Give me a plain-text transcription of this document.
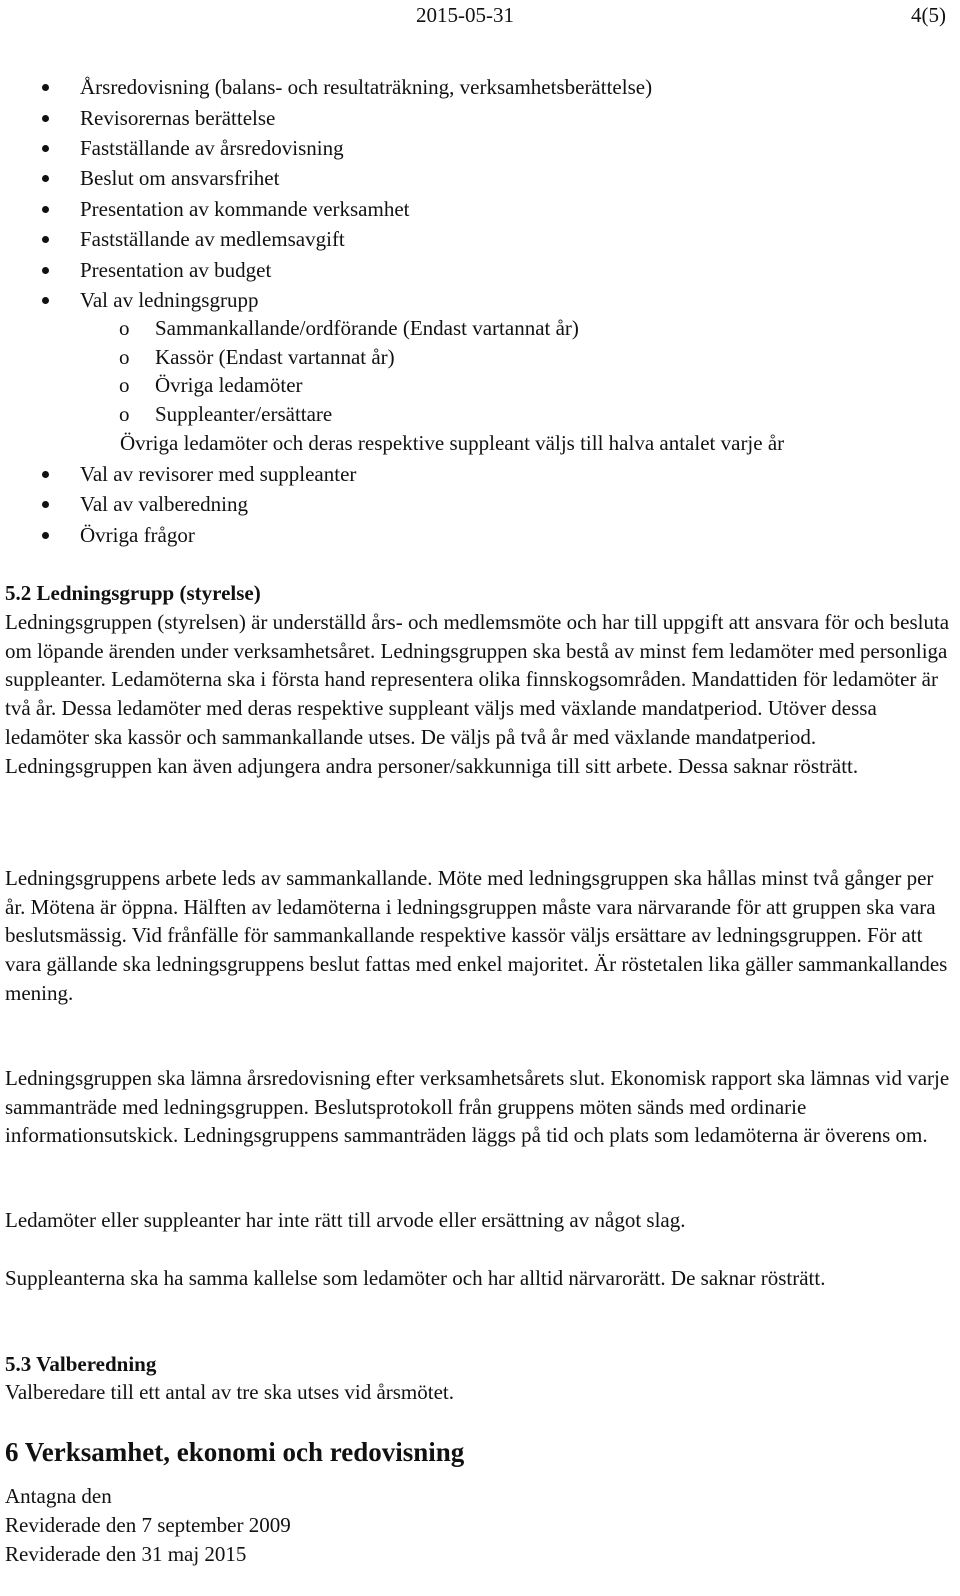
2015-05-31	4(5)
Årsredovisning (balans- och resultaträkning, verksamhetsberättelse)
Revisorernas berättelse
Fastställande av årsredovisning
Beslut om ansvarsfrihet
Presentation av kommande verksamhet
Fastställande av medlemsavgift
Presentation av budget
Val av ledningsgrupp
o Sammankallande/ordförande (Endast vartannat år)
o Kassör (Endast vartannat år)
o Övriga ledamöter
o Suppleanter/ersättare
Övriga ledamöter och deras respektive suppleant väljs till halva antalet varje år
Val av revisorer med suppleanter
Val av valberedning
Övriga frågor
5.2 Ledningsgrupp (styrelse)

Ledningsgruppen (styrelsen) är underställd års- och medlemsmöte och har till uppgift att ansvara för och besluta om löpande ärenden under verksamhetsåret. Ledningsgruppen ska bestå av minst fem ledamöter med personliga suppleanter. Ledamöterna ska i första hand representera olika finnskogsområden. Mandattiden för ledamöter är två år. Dessa ledamöter med deras respektive suppleant väljs med växlande mandatperiod. Utöver dessa ledamöter ska kassör och sammankallande utses. De väljs på två år med växlande mandatperiod. Ledningsgruppen kan även adjungera andra personer/sakkunniga till sitt arbete. Dessa saknar rösträtt.

Ledningsgruppens arbete leds av sammankallande. Möte med ledningsgruppen ska hållas minst två gånger per år. Mötena är öppna. Hälften av ledamöterna i ledningsgruppen måste vara närvarande för att gruppen ska vara beslutsmässig. Vid frånfälle för sammankallande respektive kassör väljs ersättare av ledningsgruppen. För att vara gällande ska ledningsgruppens beslut fattas med enkel majoritet. Är röstetalen lika gäller sammankallandes mening.

Ledningsgruppen ska lämna årsredovisning efter verksamhetsårets slut. Ekonomisk rapport ska lämnas vid varje sammanträde med ledningsgruppen. Beslutsprotokoll från gruppens möten sänds med ordinarie informationsutskick. Ledningsgruppens sammanträden läggs på tid och plats som ledamöterna är överens om.

Ledamöter eller suppleanter har inte rätt till arvode eller ersättning av något slag.

Suppleanterna ska ha samma kallelse som ledamöter och har alltid närvarorätt. De saknar rösträtt.

5.3 Valberedning

Valberedare till ett antal av tre ska utses vid årsmötet.

6 Verksamhet, ekonomi och redovisning

Antagna den

Reviderade den 7 september 2009

Reviderade den 31 maj 2015
